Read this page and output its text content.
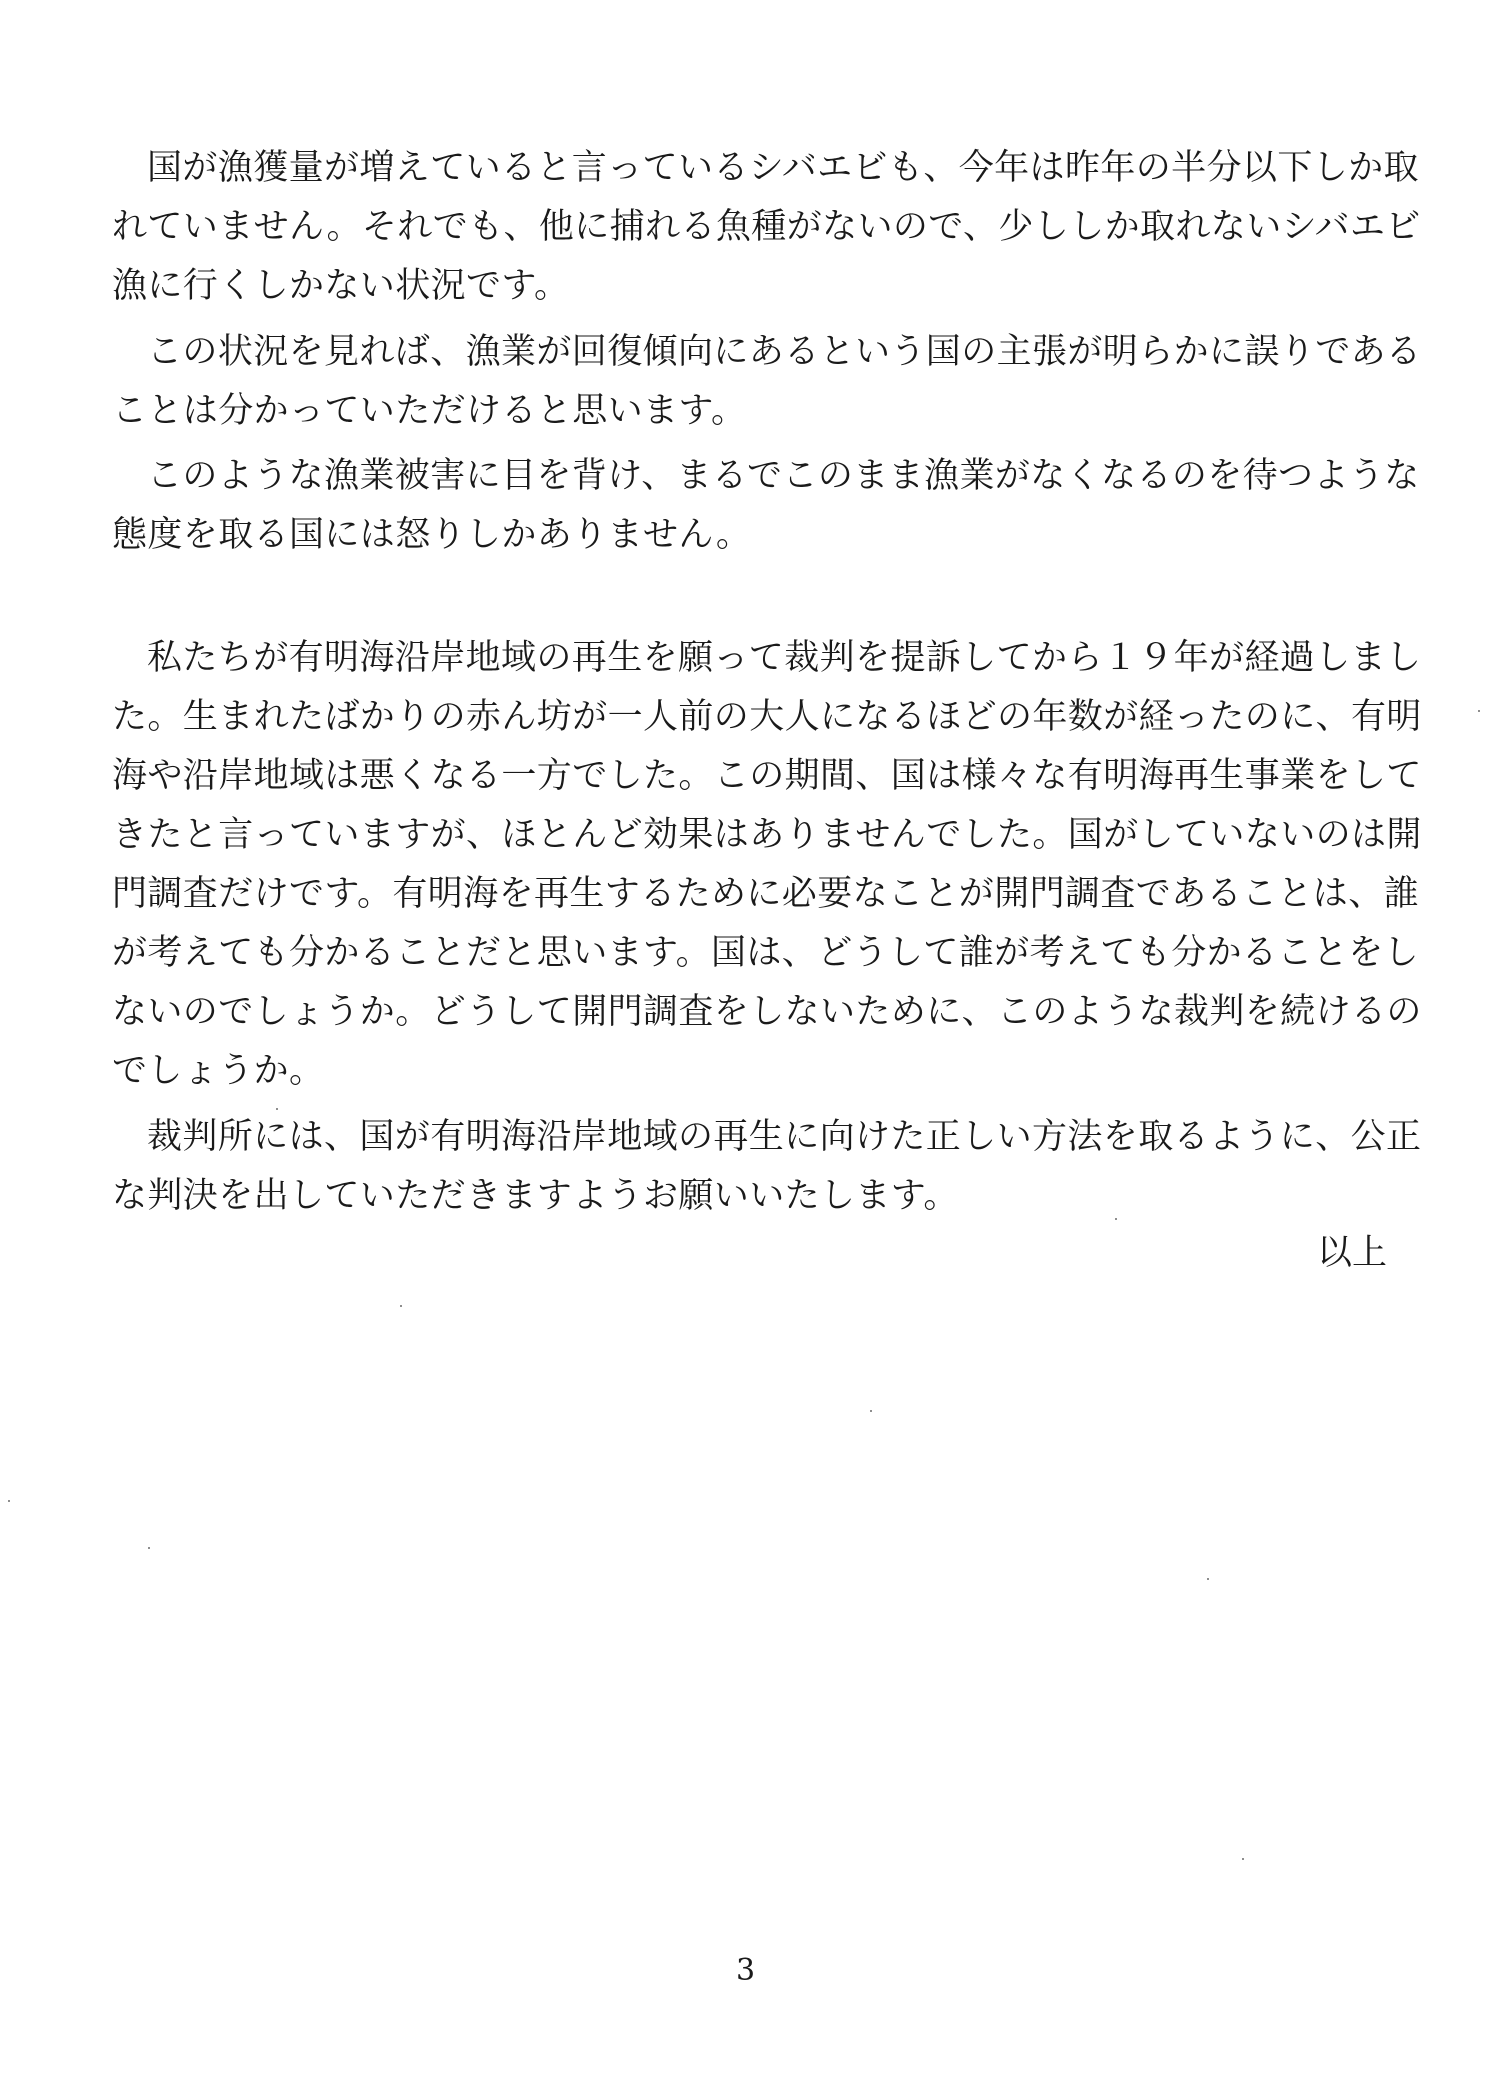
国が漁獲量が増えていると言っているシバエビも、今年は昨年の半分以下しか取
れていません。それでも、他に捕れる魚種がないので、少ししか取れないシバエビ
漁に行くしかない状況です。
この状況を見れば、漁業が回復傾向にあるという国の主張が明らかに誤りである
ことは分かっていただけると思います。
このような漁業被害に目を背け、まるでこのまま漁業がなくなるのを待つような
態度を取る国には怒りしかありません。
私たちが有明海沿岸地域の再生を願って裁判を提訴してから１９年が経過しまし
た。生まれたばかりの赤ん坊が一人前の大人になるほどの年数が経ったのに、有明
海や沿岸地域は悪くなる一方でした。この期間、国は様々な有明海再生事業をして
きたと言っていますが、ほとんど効果はありませんでした。国がしていないのは開
門調査だけです。有明海を再生するために必要なことが開門調査であることは、誰
が考えても分かることだと思います。国は、どうして誰が考えても分かることをし
ないのでしょうか。どうして開門調査をしないために、このような裁判を続けるの
でしょうか。
裁判所には、国が有明海沿岸地域の再生に向けた正しい方法を取るように、公正
な判決を出していただきますようお願いいたします。
以上
3
